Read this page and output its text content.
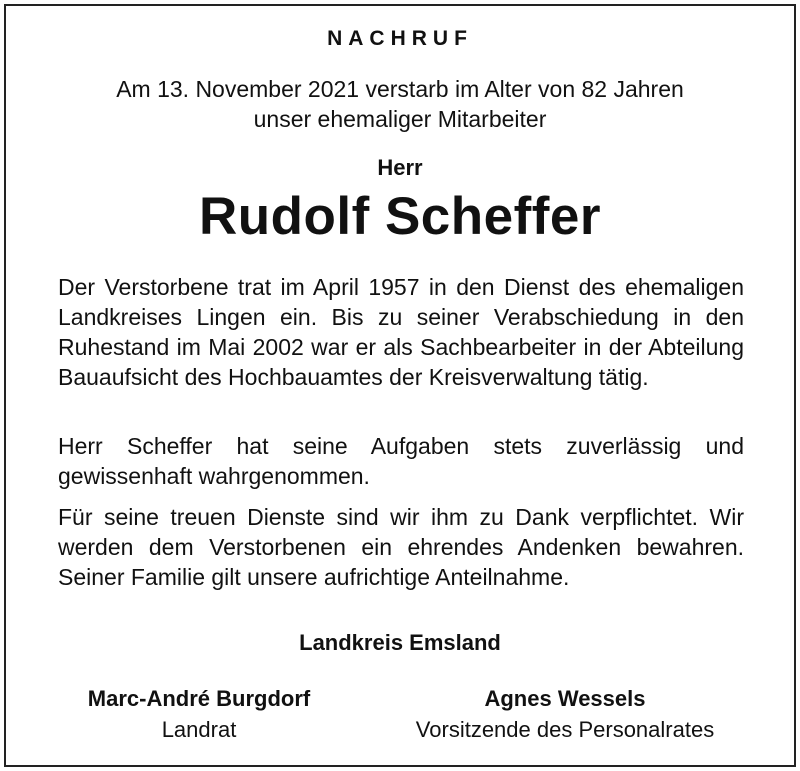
NACHRUF
Am 13. November 2021 verstarb im Alter von 82 Jahren
unser ehemaliger Mitarbeiter
Herr
Rudolf Scheffer
Der Verstorbene trat im April 1957 in den Dienst des ehemaligen Landkreises Lingen ein. Bis zu seiner Verabschiedung in den Ruhestand im Mai 2002 war er als Sachbearbeiter in der Abteilung Bauaufsicht des Hochbauamtes der Kreisverwaltung tätig.
Herr Scheffer hat seine Aufgaben stets zuverlässig und gewissenhaft wahrgenommen.
Für seine treuen Dienste sind wir ihm zu Dank verpflichtet. Wir werden dem Verstorbenen ein ehrendes Andenken bewahren. Seiner Familie gilt unsere aufrichtige Anteilnahme.
Landkreis Emsland
Marc-André Burgdorf
Landrat
Agnes Wessels
Vorsitzende des Personalrates
